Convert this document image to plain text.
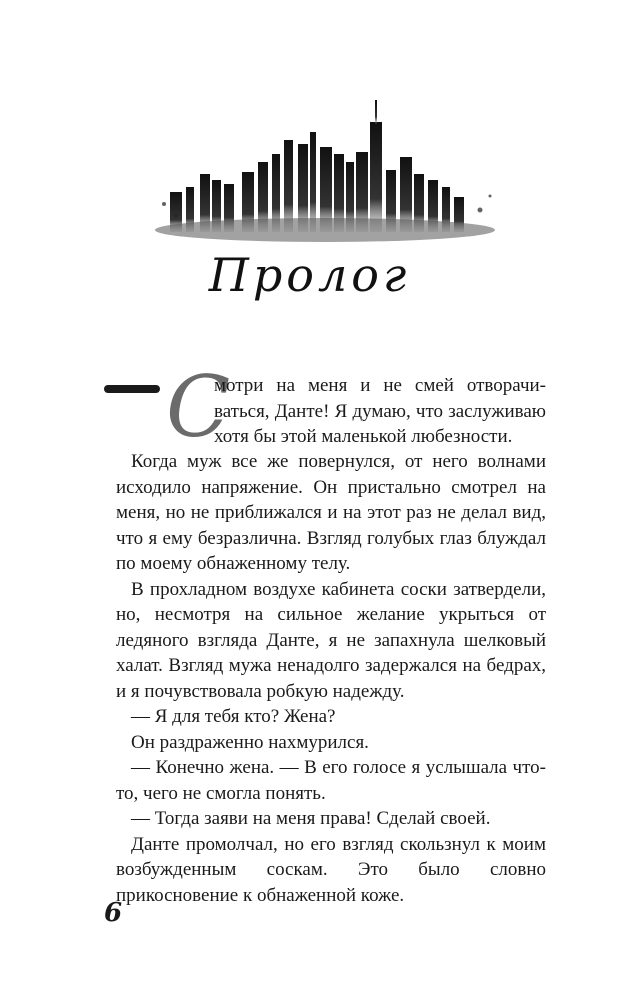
Пролог
С
мотри на меня и не смей отворачи-
ваться, Данте! Я думаю, что заслуживаю
хотя бы этой маленькой любезности.

Когда муж все же повернулся, от него волнами исходило напряжение. Он пристально смотрел на меня, но не приближался и на этот раз не делал вид, что я ему безразлична. Взгляд голубых глаз блуждал по моему обнаженному телу.

В прохладном воздухе кабинета соски затвердели, но, несмотря на сильное желание укрыться от ледяного взгляда Данте, я не запахнула шелковый халат. Взгляд мужа ненадолго задержался на бедрах, и я почувствовала робкую надежду.

— Я для тебя кто? Жена?

Он раздраженно нахмурился.

— Конечно жена. — В его голосе я услышала что-то, чего не смогла понять.

— Тогда заяви на меня права! Сделай своей.

Данте промолчал, но его взгляд скользнул к моим возбужденным соскам. Это было словно прикосновение к обнаженной коже.

6
